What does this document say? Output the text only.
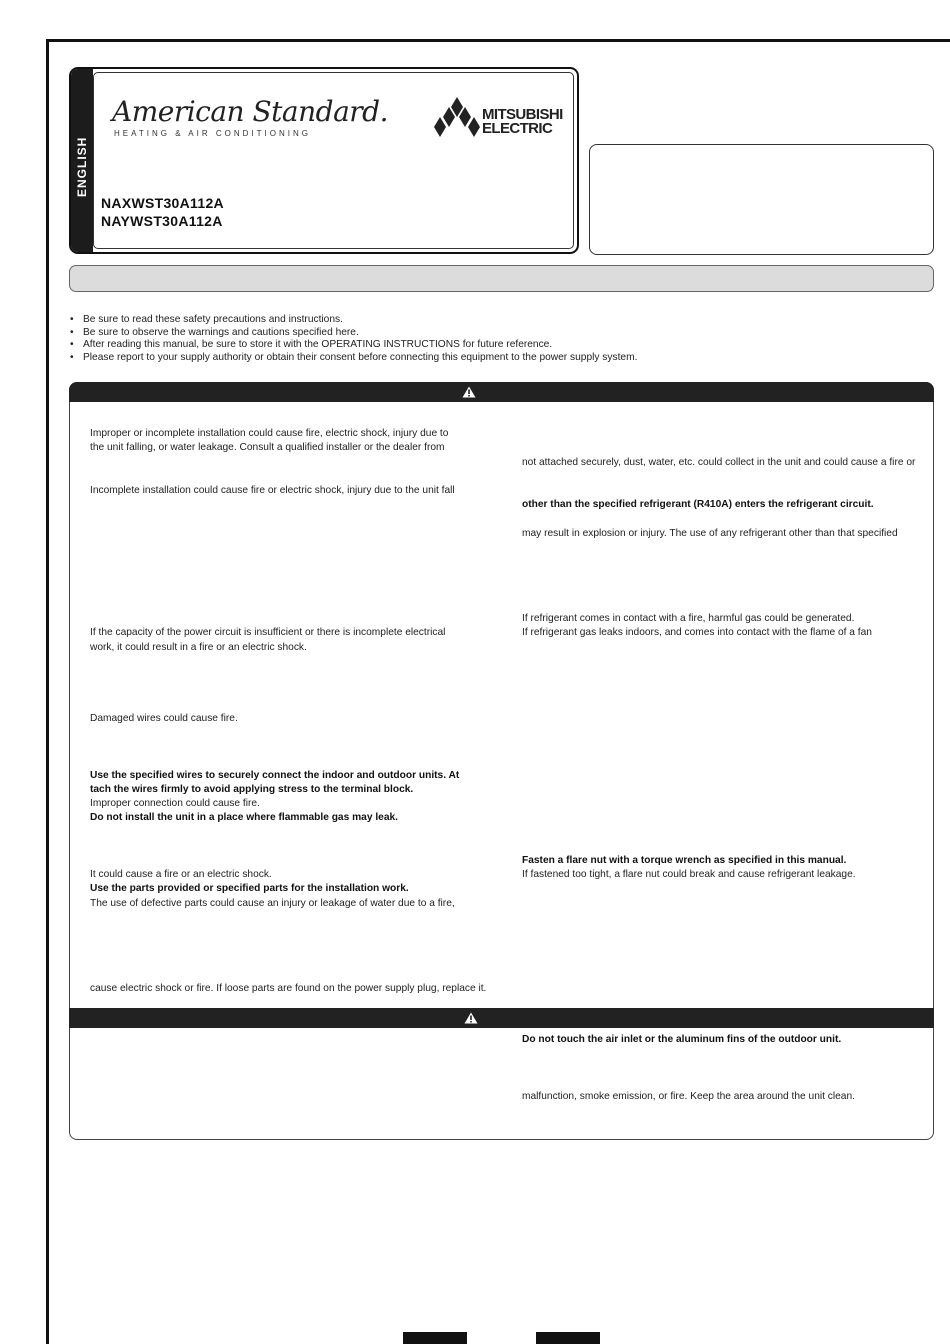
ENGLISH
American Standard.
HEATING & AIR CONDITIONING
MITSUBISHI
ELECTRIC
NAXWST30A112A
NAYWST30A112A
• Be sure to read these safety precautions and instructions.
• Be sure to observe the warnings and cautions specified here.
• After reading this manual, be sure to store it with the OPERATING INSTRUCTIONS for future reference.
• Please report to your supply authority or obtain their consent before connecting this equipment to the power supply system.
Improper or incomplete installation could cause fire, electric shock, injury due to
the unit falling, or water leakage. Consult a qualified installer or the dealer from
Incomplete installation could cause fire or electric shock, injury due to the unit fall
If the capacity of the power circuit is insufficient or there is incomplete electrical
work, it could result in a fire or an electric shock.
Damaged wires could cause fire.
Use the specified wires to securely connect the indoor and outdoor units. At
tach the wires firmly to avoid applying stress to the terminal block.
Improper connection could cause fire.
Do not install the unit in a place where flammable gas may leak.
It could cause a fire or an electric shock.
Use the parts provided or specified parts for the installation work.
The use of defective parts could cause an injury or leakage of water due to a fire,
cause electric shock or fire. If loose parts are found on the power supply plug, replace it.
not attached securely, dust, water, etc. could collect in the unit and could cause a fire or
other than the specified refrigerant (R410A) enters the refrigerant circuit.
may result in explosion or injury. The use of any refrigerant other than that specified
If refrigerant comes in contact with a fire, harmful gas could be generated.
If refrigerant gas leaks indoors, and comes into contact with the flame of a fan
Fasten a flare nut with a torque wrench as specified in this manual.
If fastened too tight, a flare nut could break and cause refrigerant leakage.
Do not touch the air inlet or the aluminum fins of the outdoor unit.
malfunction, smoke emission, or fire. Keep the area around the unit clean.
